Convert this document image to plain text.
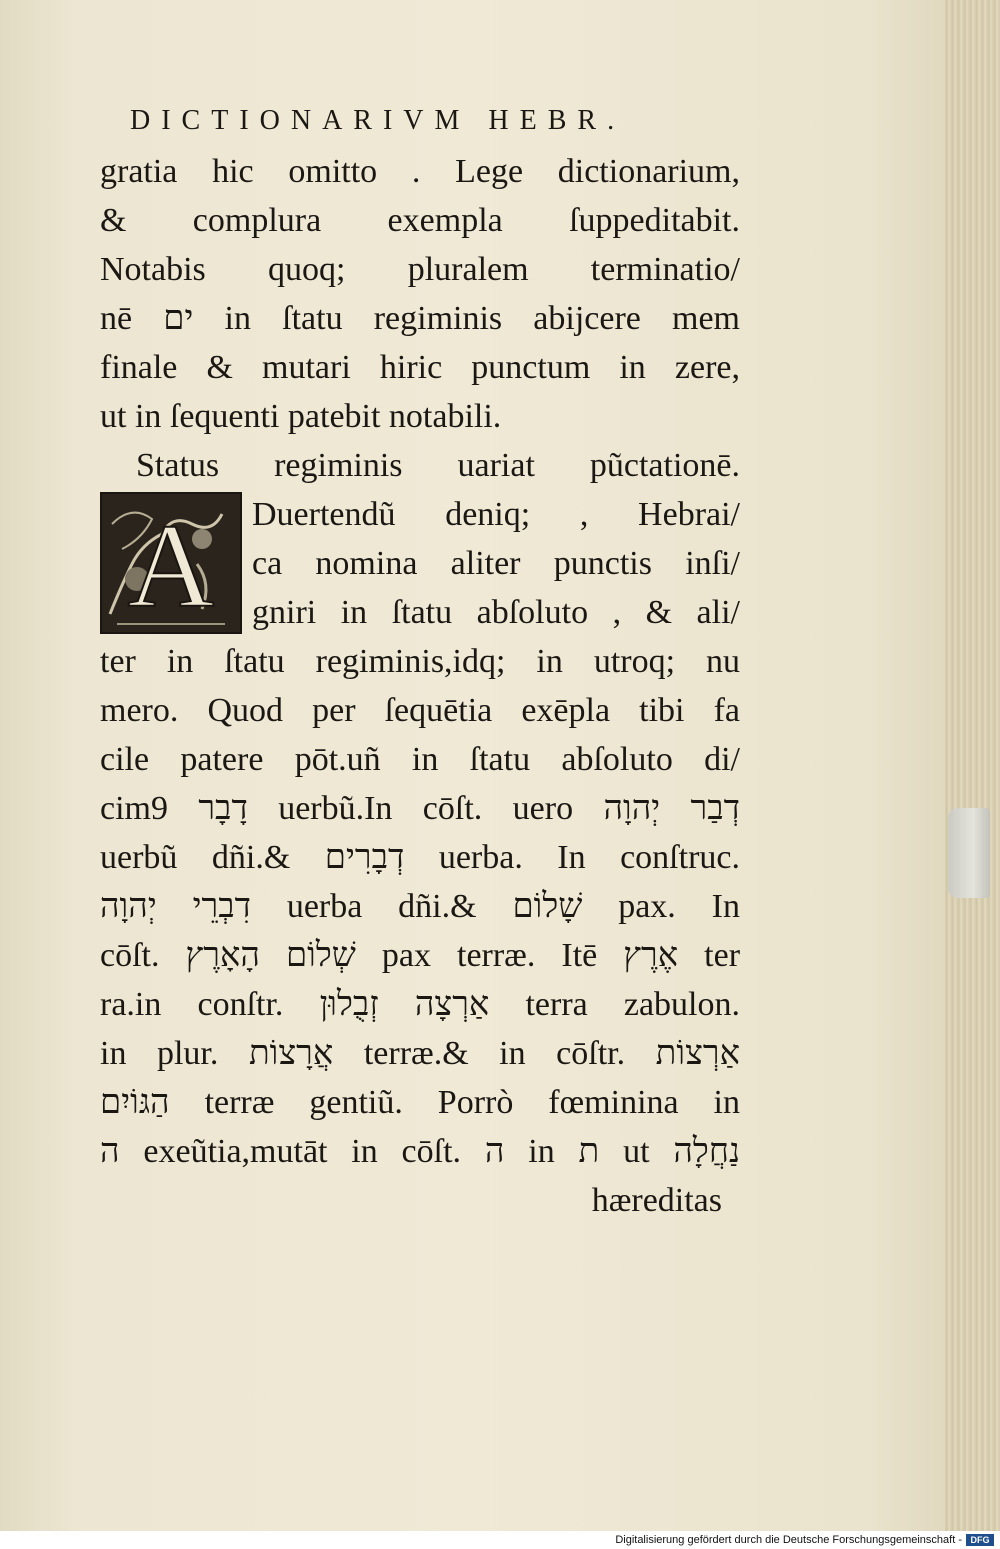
DICTIONARIVM HEBR.
gratia hic omitto . Lege dictionarium,
& complura exempla ſuppeditabit.
Notabis quoq; pluralem terminatio/
nē ים in ſtatu regiminis abijcere mem
finale & mutari hiric punctum in zere,
ut in ſequenti patebit notabili.
Status regiminis uariat pũctationē.
A Duertendũ deniq; , Hebrai/
ca nomina aliter punctis inſi/
gniri in ſtatu abſoluto , & ali/
ter in ſtatu regiminis,idq; in utroq; nu
mero. Quod per ſequētia exēpla tibi fa
cile patere pōt.uñ in ſtatu abſoluto di/
cim9 דָבָר uerbũ.In cōſt. uero דְבַר יְהוָה
uerbũ dñi.& דְבָרִים uerba. In conſtruc.
דִבְרֵי יְהוָה uerba dñi.& שָׁלוֹם pax. In
cōſt. שְׁלוֹם הָאָרֶץ pax terræ. Itē אֶרֶץ ter
ra.in conſtr. אַרְצָה זְבֻלוּן terra zabulon.
in plur. אֲרָצוֹת terræ.& in cōſtr. אַרְצוֹת
הַגּוֹיִם terræ gentiũ. Porrò fœminina in
ה exeũtia,mutāt in cōſt. ה in ת ut נַחֲלָה
hæreditas
Digitalisierung gefördert durch die Deutsche Forschungsgemeinschaft - DFG
